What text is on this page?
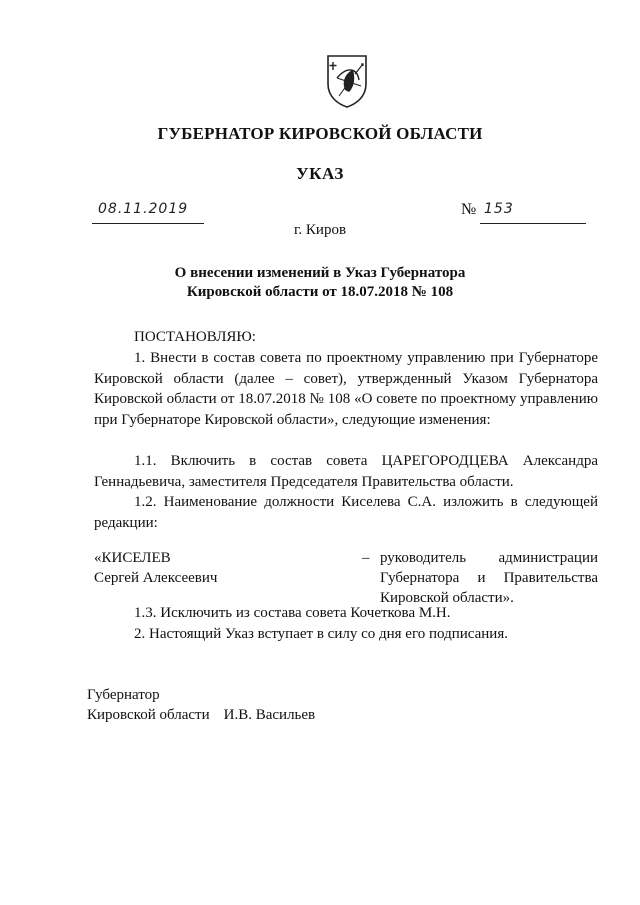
ГУБЕРНАТОР КИРОВСКОЙ ОБЛАСТИ
УКАЗ
08.11.2019	№ 153
г. Киров
О внесении изменений в Указ Губернатора
Кировской области от 18.07.2018 № 108
ПОСТАНОВЛЯЮ:
1. Внести в состав совета по проектному управлению при Губернаторе Кировской области (далее – совет), утвержденный Указом Губернатора Кировской области от 18.07.2018 № 108 «О совете по проектному управлению при Губернаторе Кировской области», следующие изменения:
1.1. Включить в состав совета ЦАРЕГОРОДЦЕВА Александра Геннадьевича, заместителя Председателя Правительства области.
1.2. Наименование должности Киселева С.А. изложить в следующей редакции:
«КИСЕЛЕВ
Сергей Алексеевич
– руководитель администрации Губернатора и Правительства Кировской области».
1.3. Исключить из состава совета Кочеткова М.Н.
2. Настоящий Указ вступает в силу со дня его подписания.
Губернатор
Кировской области И.В. Васильев
